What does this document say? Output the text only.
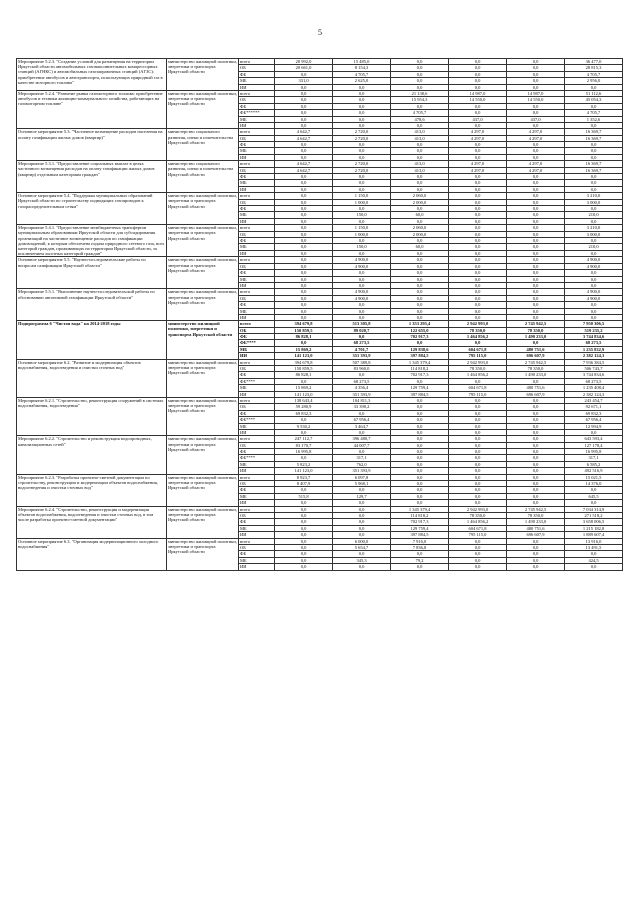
5
Мероприятие 5.2.3. "Создание условий для размещения на территории Иркутской области автомобильных газонаполнительных компрессорных станций (АГНКС) и автомобильных газозаправочных станций (АГЗС): приобретение автобусов и автотранспорта, использующих природный газ в качестве моторного топлива"	министерство жилищной политики, энергетики и транспорта Иркутской области	всего	20 992,0	15 485,0	0,0	0,0	0,0	36 477,0
		ОБ	20 661,0	8 154,3	0,0	0,0	0,0	28 815,3
		ФБ	0,0	4 705,7	0,0	0,0	0,0	4 705,7
		МБ	331,0	2 625,0	0,0	0,0	0,0	2 956,0
		ИИ	0,0	0,0	0,0	0,0	0,0	0,0
Мероприятие 5.2.4. "Развитие рынка газомоторного топлива: приобретение автобусов и техники жилищно-коммунального хозяйства, работающих на газомоторном топливе"	министерство жилищной политики, энергетики и транспорта Иркутской области	всего	0,0	0,0	21 138,6	14 987,0	14 987,0	51 112,6
		ОБ	0,0	0,0	15 954,3	14 550,0	14 550,0	45 054,3
		ФБ	0,0	0,0	0,0	0,0	0,0	0,0
		ФБ******	0,0	0,0	4 705,7	0,0	0,0	4 705,7
		МБ	0,0	0,0	478,6	437,0	437,0	1 352,6
		ИИ	0,0	0,0	0,0	0,0	0,0	0,0
Основное мероприятие 5.3. "Частичное возмещение расходов населения на оплату газификации жилых домов (квартир)"	министерство социального развития, опеки и попечительства Иркутской области	всего	4 642,7	2 720,0	413,0	4 297,0	4 297,0	16 369,7
		ОБ	4 642,7	2 720,0	413,0	4 297,0	4 297,0	16 369,7
		ФБ	0,0	0,0	0,0	0,0	0,0	0,0
		МБ	0,0	0,0	0,0	0,0	0,0	0,0
		ИИ	0,0	0,0	0,0	0,0	0,0	0,0
Мероприятие 5.3.1. "Предоставление социальных выплат в целях частичного возмещения расходов на оплату газификации жилых домов (квартир) отдельным категориям граждан"	министерство социального развития, опеки и попечительства Иркутской области	всего	4 642,7	2 720,0	413,0	4 297,0	4 297,0	16 369,7
		ОБ	4 642,7	2 720,0	413,0	4 297,0	4 297,0	16 369,7
		ФБ	0,0	0,0	0,0	0,0	0,0	0,0
		МБ	0,0	0,0	0,0	0,0	0,0	0,0
		ИИ	0,0	0,0	0,0	0,0	0,0	0,0
Основное мероприятие 5.4. "Поддержка муниципальных образований Иркутской области по строительству подводящих газопроводов к газораспределительным сетям"	министерство жилищной политики, энергетики и транспорта Иркутской области	всего	0,0	1 150,0	2 060,0	0,0	0,0	3 210,0
		ОБ	0,0	1 000,0	2 000,0	0,0	0,0	3 000,0
		ФБ	0,0	0,0	0,0	0,0	0,0	0,0
		МБ	0,0	150,0	60,0	0,0	0,0	210,0
		ИИ	0,0	0,0	0,0	0,0	0,0	0,0
Мероприятие 5.4.1. "Предоставление межбюджетных трансфертов муниципальным образованиям Иркутской области для субсидирования организаций на частичное возмещение расходов по газификации домовладений, к которым обеспечена подача природного сетевого газа, всех категорий граждан, проживающих на территории Иркутской области, за исключением льготных категорий граждан"	министерство жилищной политики, энергетики и транспорта Иркутской области	всего	0,0	1 150,0	2 060,0	0,0	0,0	3 210,0
		ОБ	0,0	1 000,0	2 000,0	0,0	0,0	3 000,0
		ФБ	0,0	0,0	0,0	0,0	0,0	0,0
		МБ	0,0	150,0	60,0	0,0	0,0	210,0
		ИИ	0,0	0,0	0,0	0,0	0,0	0,0
Основное мероприятие 5.5. "Научно-исследовательские работы по вопросам газификации Иркутской области"	министерство жилищной политики, энергетики и транспорта Иркутской области	всего	0,0	4 900,0	0,0	0,0	0,0	4 900,0
		ОБ	0,0	4 900,0	0,0	0,0	0,0	4 900,0
		ФБ	0,0	0,0	0,0	0,0	0,0	0,0
		МБ	0,0	0,0	0,0	0,0	0,0	0,0
		ИИ	0,0	0,0	0,0	0,0	0,0	0,0
Мероприятие 5.5.1. "Выполнение научно-исследовательской работы по обоснованию автономной газификации Иркутской области"	министерство жилищной политики, энергетики и транспорта Иркутской области	всего	0,0	4 900,0	0,0	0,0	0,0	4 900,0
		ОБ	0,0	4 900,0	0,0	0,0	0,0	4 900,0
		ФБ	0,0	0,0	0,0	0,0	0,0	0,0
		МБ	0,0	0,0	0,0	0,0	0,0	0,0
		ИИ	0,0	0,0	0,0	0,0	0,0	0,0
Подпрограмма 6 "Чистая вода" на 2014-2018 годы	министерство жилищной политики, энергетики и транспорта Иркутской области	всего	394 679,8	513 305,8	1 353 295,4	2 942 993,0	2 745 942,5	7 950 306,5
		ОБ	150 859,5	89 020,7	122 655,0	78 350,0	78 350,0	519 235,2
		ФБ	86 828,1	0,0	702 917,3	1 464 856,2	1 490 233,0	3 744 834,6
		ФБ****	0,0	68 273,5	0,0	0,0	0,0	68 273,5
		МБ	15 869,2	4 701,7	129 838,6	604 671,8	480 751,6	1 235 832,9
		ИИ	141 123,0	351 393,9	397 884,5	795 115,0	696 607,9	2 382 124,3
Основное мероприятие 6.2. "Развитие и модернизация объектов водоснабжения, водоотведения и очистки сточных вод"	министерство жилищной политики, энергетики и транспорта Иркутской области	всего	394 679,8	507 389,8	1 345 379,4	2 942 993,0	2 745 942,5	7 936 384,5
		ОБ	150 859,5	83 960,0	114 818,2	78 350,0	78 350,0	506 743,7
		ФБ	86 828,1	0,0	702 917,3	1 464 856,2	1 490 233,0	3 744 834,6
		ФБ****	0,0	68 273,5	0,0	0,0	0,0	68 273,5
		МБ	15 869,2	4 356,4	129 759,4	604 671,8	480 751,6	1 235 408,4
		ИИ	141 123,0	351 393,9	397 884,5	795 115,0	696 607,9	2 382 124,3
Мероприятие 6.2.1. "Строительство, реконструкция сооружений в системах водоснабжения, водоотведения"	министерство жилищной политики, энергетики и транспорта Иркутской области	всего	138 643,4	104 811,3	0,0	0,0	0,0	243 454,7
		ОБ	59 280,9	33 390,2	0,0	0,0	0,0	92 671,1
		ФБ	69 832,3	0,0	0,0	0,0	0,0	69 832,3
		ФБ****	0,0	67 956,4	0,0	0,0	0,0	67 956,4
		МБ	9 530,2	3 464,7	0,0	0,0	0,0	12 994,9
		ИИ	0,0	0,0	0,0	0,0	0,0	0,0
Мероприятие 6.2.2. "Строительство и реконструкция водопроводных, канализационных сетей"	министерство жилищной политики, энергетики и транспорта Иркутской области	всего	247 112,7	396 480,7	0,0	0,0	0,0	643 593,4
		ОБ	83 170,7	44 007,7	0,0	0,0	0,0	127 178,4
		ФБ	16 995,8	0,0	0,0	0,0	0,0	16 995,8
		ФБ****	0,0	317,1	0,0	0,0	0,0	317,1
		МБ	5 823,2	762,0	0,0	0,0	0,0	6 585,2
		ИИ	141 123,0	351 393,9	0,0	0,0	0,0	492 516,9
Мероприятие 6.2.3. "Разработка проектно-сметной документации по строительству, реконструкции и модернизации объектов водоснабжения, водоотведения и очистки сточных вод"	министерство жилищной политики, энергетики и транспорта Иркутской области	всего	8 923,7	6 097,8	0,0	0,0	0,0	15 021,5
		ОБ	8 407,9	5 968,1	0,0	0,0	0,0	14 376,0
		ФБ	0,0	0,0	0,0	0,0	0,0	0,0
		МБ	515,8	129,7	0,0	0,0	0,0	645,5
		ИИ	0,0	0,0	0,0	0,0	0,0	0,0
Мероприятие 6.2.4. "Строительство, реконструкция и модернизация объектов водоснабжения, водоотведения и очистки сточных вод, в том числе разработка проектно-сметной документации"	министерство жилищной политики, энергетики и транспорта Иркутской области	всего	0,0	0,0	1 345 379,4	2 942 993,0	2 745 942,5	7 034 314,9
		ОБ	0,0	0,0	114 818,2	78 350,0	78 350,0	271 518,2
		ФБ	0,0	0,0	702 917,3	1 464 856,2	1 490 233,0	3 658 006,5
		МБ	0,0	0,0	129 759,4	604 671,8	480 751,6	1 215 182,8
		ИИ	0,0	0,0	397 884,5	795 115,0	696 607,9	1 889 607,4
Основное мероприятие 6.3. "Организация модернизационного холодного водоснабжения"	министерство жилищной политики, энергетики и транспорта Иркутской области	всего	0,0	6 000,0	7 916,0	0,0	0,0	13 916,0
		ОБ	0,0	5 654,7	7 836,8	0,0	0,0	13 491,5
		ФБ	0,0	0,0	0,0	0,0	0,0	0,0
		МБ	0,0	345,3	79,2	0,0	0,0	424,5
		ИИ	0,0	0,0	0,0	0,0	0,0	0,0
